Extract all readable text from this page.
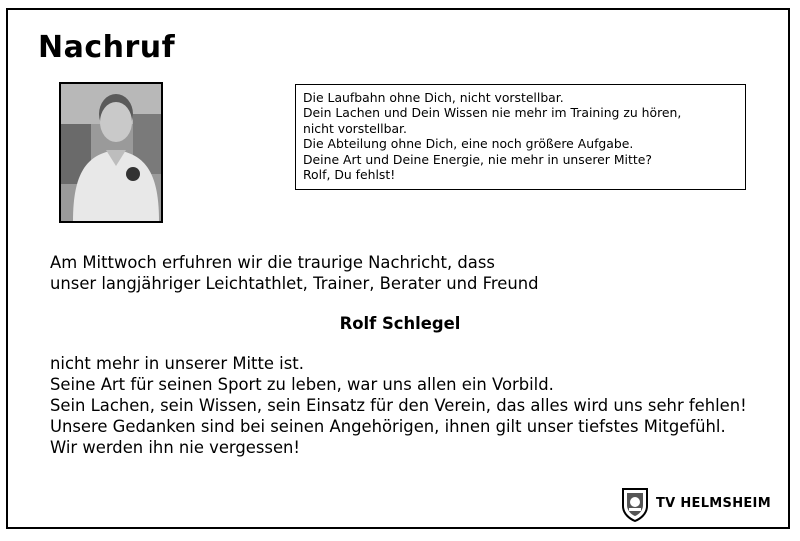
Nachruf
Die Laufbahn ohne Dich, nicht vorstellbar.
Dein Lachen und Dein Wissen nie mehr im Training zu hören,
nicht vorstellbar.
Die Abteilung ohne Dich, eine noch größere Aufgabe.
Deine Art und Deine Energie, nie mehr in unserer Mitte?
Rolf, Du fehlst!
Am Mittwoch erfuhren wir die traurige Nachricht, dass
unser langjähriger Leichtathlet, Trainer, Berater und Freund
Rolf Schlegel
nicht mehr in unserer Mitte ist.
Seine Art für seinen Sport zu leben, war uns allen ein Vorbild.
Sein Lachen, sein Wissen, sein Einsatz für den Verein, das alles wird uns sehr fehlen!
Unsere Gedanken sind bei seinen Angehörigen, ihnen gilt unser tiefstes Mitgefühl.
Wir werden ihn nie vergessen!
TV HELMSHEIM
